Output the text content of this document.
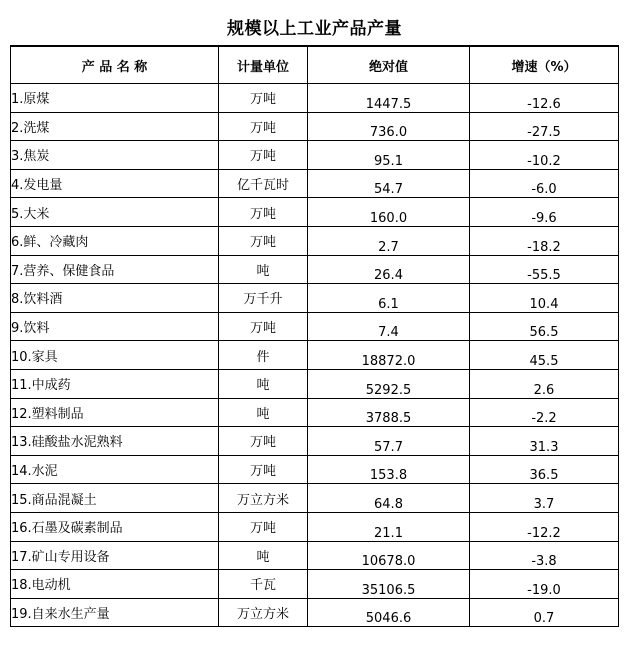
规模以上工业产品产量
产 品 名 称	计量单位	绝对值	增速（%）
1.原煤	万吨	1447.5	-12.6
2.洗煤	万吨	736.0	-27.5
3.焦炭	万吨	95.1	-10.2
4.发电量	亿千瓦时	54.7	-6.0
5.大米	万吨	160.0	-9.6
6.鲜、冷藏肉	万吨	2.7	-18.2
7.营养、保健食品	吨	26.4	-55.5
8.饮料酒	万千升	6.1	10.4
9.饮料	万吨	7.4	56.5
10.家具	件	18872.0	45.5
11.中成药	吨	5292.5	2.6
12.塑料制品	吨	3788.5	-2.2
13.硅酸盐水泥熟料	万吨	57.7	31.3
14.水泥	万吨	153.8	36.5
15.商品混凝土	万立方米	64.8	3.7
16.石墨及碳素制品	万吨	21.1	-12.2
17.矿山专用设备	吨	10678.0	-3.8
18.电动机	千瓦	35106.5	-19.0
19.自来水生产量	万立方米	5046.6	0.7
